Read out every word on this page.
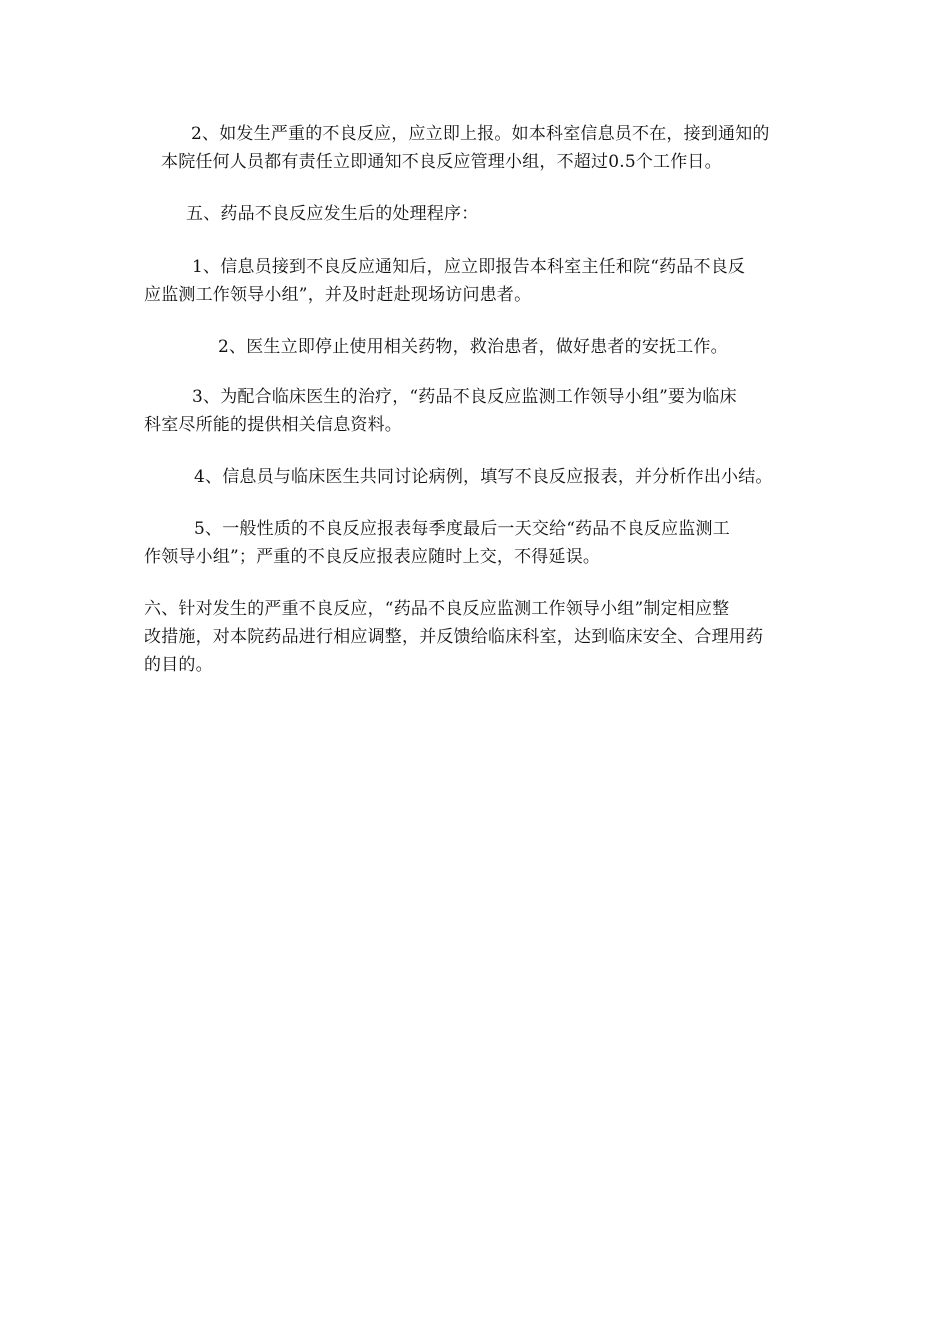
2、如发生严重的不良反应，应立即上报。如本科室信息员不在，接到通知的
本院任何人员都有责任立即通知不良反应管理小组，不超过0.5个工作日。

五、药品不良反应发生后的处理程序：

1、信息员接到不良反应通知后，应立即报告本科室主任和院“药品不良反
应监测工作领导小组”，并及时赶赴现场访问患者。

2、医生立即停止使用相关药物，救治患者，做好患者的安抚工作。

3、为配合临床医生的治疗，“药品不良反应监测工作领导小组”要为临床
科室尽所能的提供相关信息资料。

4、信息员与临床医生共同讨论病例，填写不良反应报表，并分析作出小结。

5、一般性质的不良反应报表每季度最后一天交给“药品不良反应监测工
作领导小组”；严重的不良反应报表应随时上交，不得延误。

六、针对发生的严重不良反应，“药品不良反应监测工作领导小组”制定相应整
改措施，对本院药品进行相应调整，并反馈给临床科室，达到临床安全、合理用药
的目的。
